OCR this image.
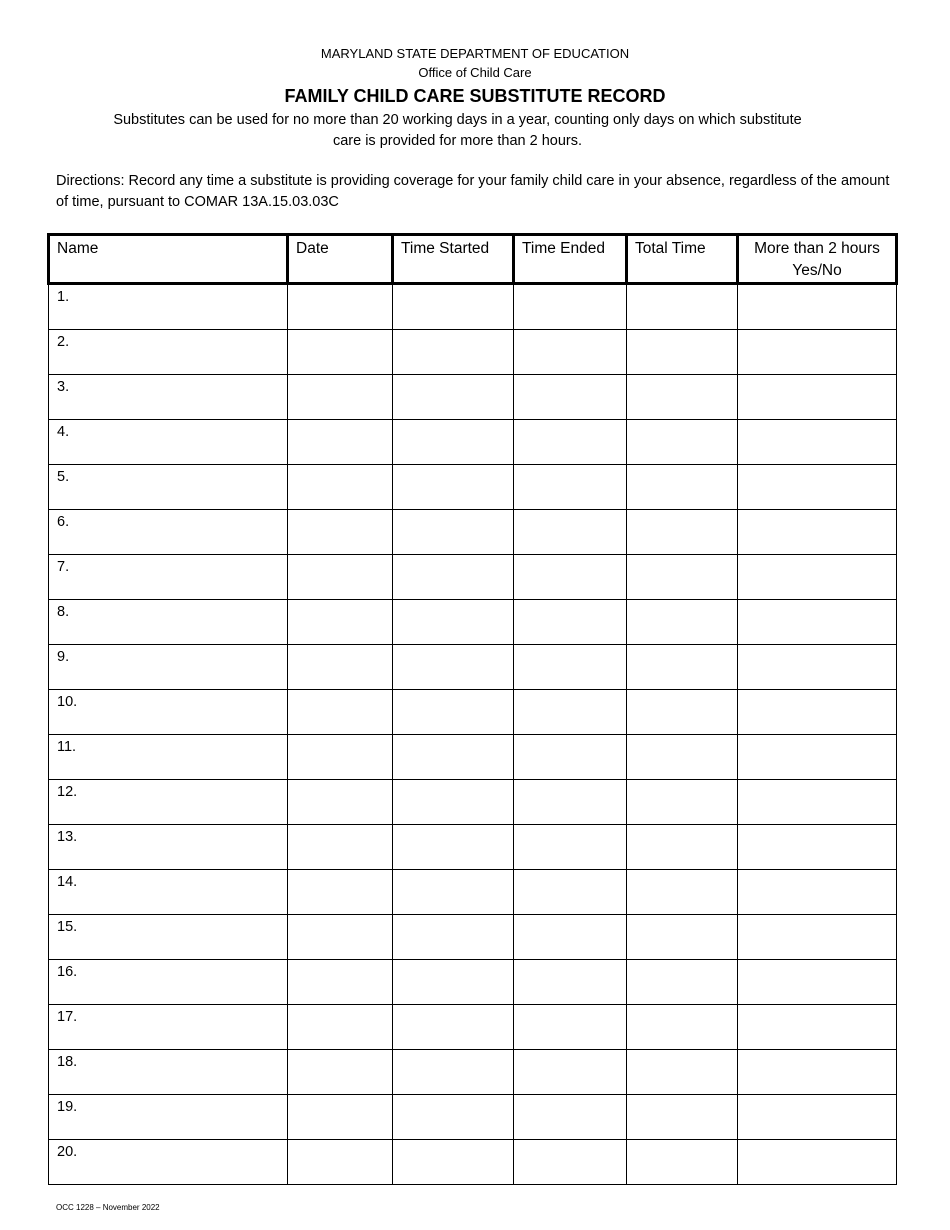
MARYLAND STATE DEPARTMENT OF EDUCATION
Office of Child Care
FAMILY CHILD CARE SUBSTITUTE RECORD
Substitutes can be used for no more than 20 working days in a year, counting only days on which substitute care is provided for more than 2 hours.
Directions: Record any time a substitute is providing coverage for your family child care in your absence, regardless of the amount of time, pursuant to COMAR 13A.15.03.03C
Name	Date	Time Started	Time Ended	Total Time	More than 2 hours
Yes/No
1.					
2.					
3.					
4.					
5.					
6.					
7.					
8.					
9.					
10.					
11.					
12.					
13.					
14.					
15.					
16.					
17.					
18.					
19.					
20.					
OCC 1228 – November 2022
